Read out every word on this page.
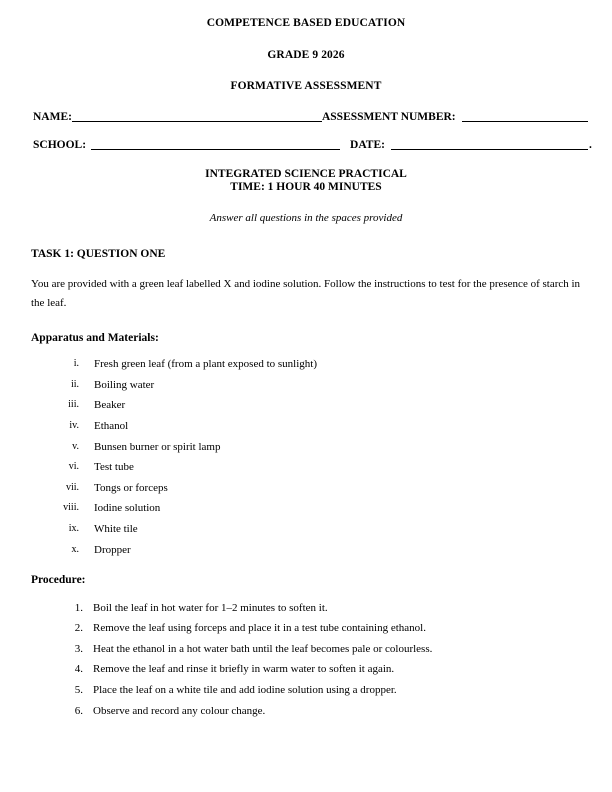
COMPETENCE BASED EDUCATION
GRADE 9 2026
FORMATIVE ASSESSMENT
NAME:	ASSESSMENT NUMBER:
SCHOOL:	DATE:	.
INTEGRATED SCIENCE PRACTICAL
TIME: 1 HOUR 40 MINUTES
Answer all questions in the spaces provided
TASK 1: QUESTION ONE
You are provided with a green leaf labelled X and iodine solution. Follow the instructions to test for the presence of starch in the leaf.
Apparatus and Materials:
i. Fresh green leaf (from a plant exposed to sunlight)
ii. Boiling water
iii. Beaker
iv. Ethanol
v. Bunsen burner or spirit lamp
vi. Test tube
vii. Tongs or forceps
viii. Iodine solution
ix. White tile
x. Dropper
Procedure:
1. Boil the leaf in hot water for 1–2 minutes to soften it.
2. Remove the leaf using forceps and place it in a test tube containing ethanol.
3. Heat the ethanol in a hot water bath until the leaf becomes pale or colourless.
4. Remove the leaf and rinse it briefly in warm water to soften it again.
5. Place the leaf on a white tile and add iodine solution using a dropper.
6. Observe and record any colour change.
